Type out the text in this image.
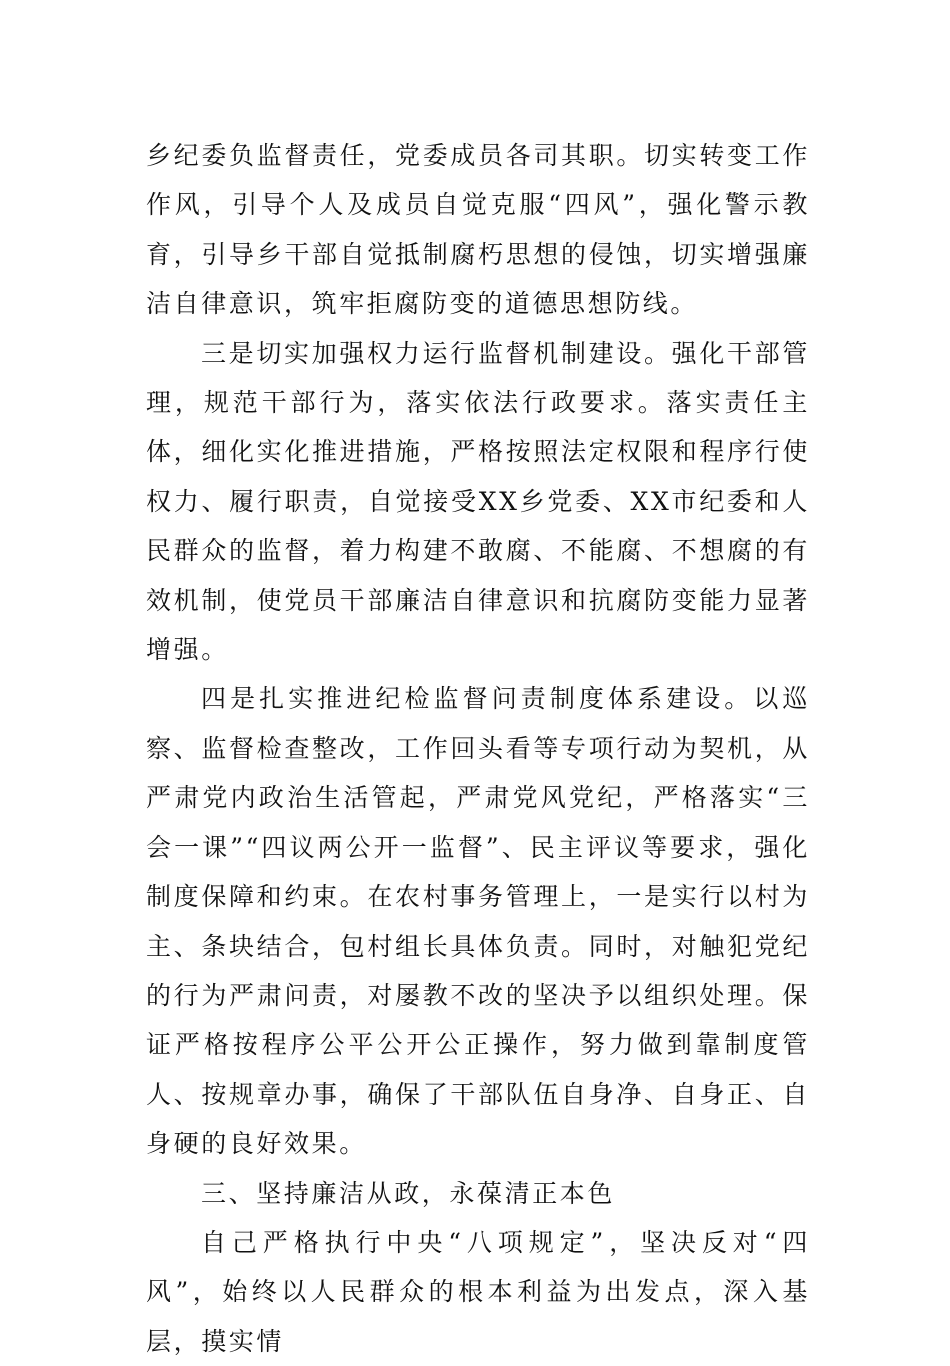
乡纪委负监督责任，党委成员各司其职。切实转变工作作风，引导个人及成员自觉克服“四风”，强化警示教育，引导乡干部自觉抵制腐朽思想的侵蚀，切实增强廉洁自律意识，筑牢拒腐防变的道德思想防线。

三是切实加强权力运行监督机制建设。强化干部管理，规范干部行为，落实依法行政要求。落实责任主体，细化实化推进措施，严格按照法定权限和程序行使权力、履行职责，自觉接受XX乡党委、XX市纪委和人民群众的监督，着力构建不敢腐、不能腐、不想腐的有效机制，使党员干部廉洁自律意识和抗腐防变能力显著增强。

四是扎实推进纪检监督问责制度体系建设。以巡察、监督检查整改，工作回头看等专项行动为契机，从严肃党内政治生活管起，严肃党风党纪，严格落实“三会一课”“四议两公开一监督”、民主评议等要求，强化制度保障和约束。在农村事务管理上，一是实行以村为主、条块结合，包村组长具体负责。同时，对触犯党纪的行为严肃问责，对屡教不改的坚决予以组织处理。保证严格按程序公平公开公正操作，努力做到靠制度管人、按规章办事，确保了干部队伍自身净、自身正、自身硬的良好效果。

三、坚持廉洁从政，永葆清正本色

自己严格执行中央“八项规定”，坚决反对“四风”，始终以人民群众的根本利益为出发点，深入基层，摸实情
